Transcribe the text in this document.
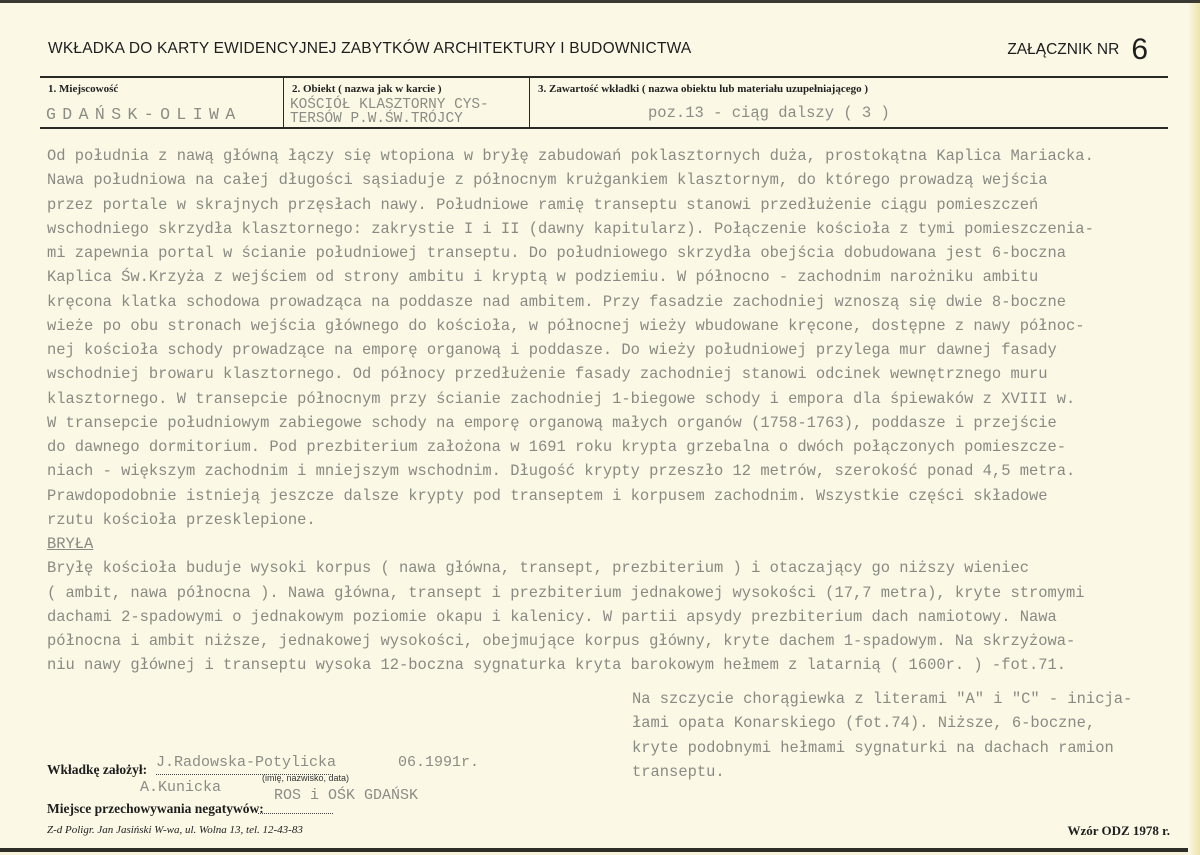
WKŁADKA DO KARTY EWIDENCYJNEJ ZABYTKÓW ARCHITEKTURY I BUDOWNICTWA	ZAŁĄCZNIK NR 6
1. Miejscowość
GDAŃSK-OLIWA
2. Obiekt ( nazwa jak w karcie )
KOŚCIÓŁ KLASZTORNY CYS-
TERSÓW P.W.ŚW.TRÓJCY
3. Zawartość wkładki ( nazwa obiektu lub materiału uzupełniającego )
poz.13 - ciąg dalszy ( 3 )
Od południa z nawą główną łączy się wtopiona w bryłę zabudowań poklasztornych duża, prostokątna Kaplica Mariacka.
Nawa południowa na całej długości sąsiaduje z północnym krużgankiem klasztornym, do którego prowadzą wejścia
przez portale w skrajnych przęsłach nawy. Południowe ramię transeptu stanowi przedłużenie ciągu pomieszczeń
wschodniego skrzydła klasztornego: zakrystie I i II (dawny kapitularz). Połączenie kościoła z tymi pomieszczenia-
mi zapewnia portal w ścianie południowej transeptu. Do południowego skrzydła obejścia dobudowana jest 6-boczna
Kaplica Św.Krzyża z wejściem od strony ambitu i kryptą w podziemiu. W północno - zachodnim narożniku ambitu
kręcona klatka schodowa prowadząca na poddasze nad ambitem. Przy fasadzie zachodniej wznoszą się dwie 8-boczne
wieże po obu stronach wejścia głównego do kościoła, w północnej wieży wbudowane kręcone, dostępne z nawy północ-
nej kościoła schody prowadzące na emporę organową i poddasze. Do wieży południowej przylega mur dawnej fasady
wschodniej browaru klasztornego. Od północy przedłużenie fasady zachodniej stanowi odcinek wewnętrznego muru
klasztornego. W transepcie północnym przy ścianie zachodniej 1-biegowe schody i empora dla śpiewaków z XVIII w.
W transepcie południowym zabiegowe schody na emporę organową małych organów (1758-1763), poddasze i przejście
do dawnego dormitorium. Pod prezbiterium założona w 1691 roku krypta grzebalna o dwóch połączonych pomieszcze-
niach - większym zachodnim i mniejszym wschodnim. Długość krypty przeszło 12 metrów, szerokość ponad 4,5 metra.
Prawdopodobnie istnieją jeszcze dalsze krypty pod transeptem i korpusem zachodnim. Wszystkie części składowe
rzutu kościoła przesklepione.
BRYŁA
Bryłę kościoła buduje wysoki korpus ( nawa główna, transept, prezbiterium ) i otaczający go niższy wieniec
( ambit, nawa północna ). Nawa główna, transept i prezbiterium jednakowej wysokości (17,7 metra), kryte stromymi
dachami 2-spadowymi o jednakowym poziomie okapu i kalenicy. W partii apsydy prezbiterium dach namiotowy. Nawa
północna i ambit niższe, jednakowej wysokości, obejmujące korpus główny, kryte dachem 1-spadowym. Na skrzyżowa-
niu nawy głównej i transeptu wysoka 12-boczna sygnaturka kryta barokowym hełmem z latarnią ( 1600r. ) -fot.71.
Na szczycie chorągiewka z literami "A" i "C" - inicja-
łami opata Konarskiego (fot.74). Niższe, 6-boczne,
kryte podobnymi hełmami sygnaturki na dachach ramion
transeptu.
Wkładkę założył: J.Radowska-Potylicka	06.1991r.
A.Kunicka
(imię, nazwisko, data)
Miejsce przechowywania negatywów:
ROS i OŚK GDAŃSK
Z-d Poligr. Jan Jasiński W-wa, ul. Wolna 13, tel. 12-43-83	Wzór ODZ 1978 r.
